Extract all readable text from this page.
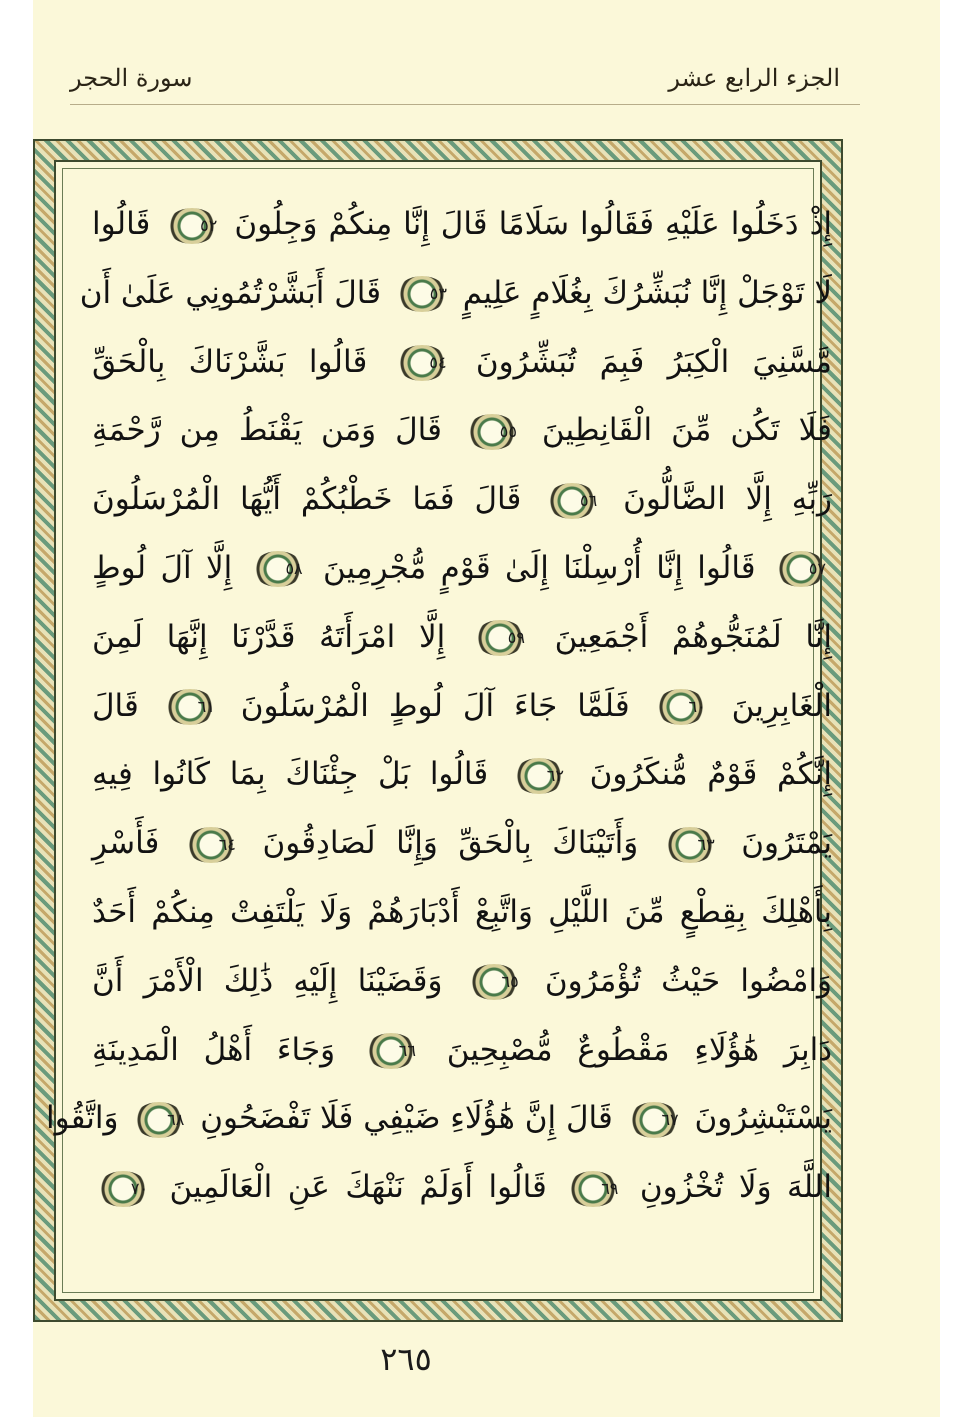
الجزء الرابع عشر
سورة الحجر
إِذْ دَخَلُوا عَلَيْهِ فَقَالُوا سَلَامًا قَالَ إِنَّا مِنكُمْ وَجِلُونَ ٥٢ قَالُوا
لَا تَوْجَلْ إِنَّا نُبَشِّرُكَ بِغُلَامٍ عَلِيمٍ ٥٣ قَالَ أَبَشَّرْتُمُونِي عَلَىٰ أَن
مَّسَّنِيَ الْكِبَرُ فَبِمَ تُبَشِّرُونَ ٥٤ قَالُوا بَشَّرْنَاكَ بِالْحَقِّ
فَلَا تَكُن مِّنَ الْقَانِطِينَ ٥٥ قَالَ وَمَن يَقْنَطُ مِن رَّحْمَةِ
رَبِّهِ إِلَّا الضَّالُّونَ ٥٦ قَالَ فَمَا خَطْبُكُمْ أَيُّهَا الْمُرْسَلُونَ
٥٧ قَالُوا إِنَّا أُرْسِلْنَا إِلَىٰ قَوْمٍ مُّجْرِمِينَ ٥٨ إِلَّا آلَ لُوطٍ
إِنَّا لَمُنَجُّوهُمْ أَجْمَعِينَ ٥٩ إِلَّا امْرَأَتَهُ قَدَّرْنَا إِنَّهَا لَمِنَ
الْغَابِرِينَ ٦٠ فَلَمَّا جَاءَ آلَ لُوطٍ الْمُرْسَلُونَ ٦١ قَالَ
إِنَّكُمْ قَوْمٌ مُّنكَرُونَ ٦٢ قَالُوا بَلْ جِئْنَاكَ بِمَا كَانُوا فِيهِ
يَمْتَرُونَ ٦٣ وَأَتَيْنَاكَ بِالْحَقِّ وَإِنَّا لَصَادِقُونَ ٦٤ فَأَسْرِ
بِأَهْلِكَ بِقِطْعٍ مِّنَ اللَّيْلِ وَاتَّبِعْ أَدْبَارَهُمْ وَلَا يَلْتَفِتْ مِنكُمْ أَحَدٌ
وَامْضُوا حَيْثُ تُؤْمَرُونَ ٦٥ وَقَضَيْنَا إِلَيْهِ ذَٰلِكَ الْأَمْرَ أَنَّ
دَابِرَ هَٰؤُلَاءِ مَقْطُوعٌ مُّصْبِحِينَ ٦٦ وَجَاءَ أَهْلُ الْمَدِينَةِ
يَسْتَبْشِرُونَ ٦٧ قَالَ إِنَّ هَٰؤُلَاءِ ضَيْفِي فَلَا تَفْضَحُونِ ٦٨ وَاتَّقُوا
اللَّهَ وَلَا تُخْزُونِ ٦٩ قَالُوا أَوَلَمْ نَنْهَكَ عَنِ الْعَالَمِينَ ٧٠
٢٦٥
